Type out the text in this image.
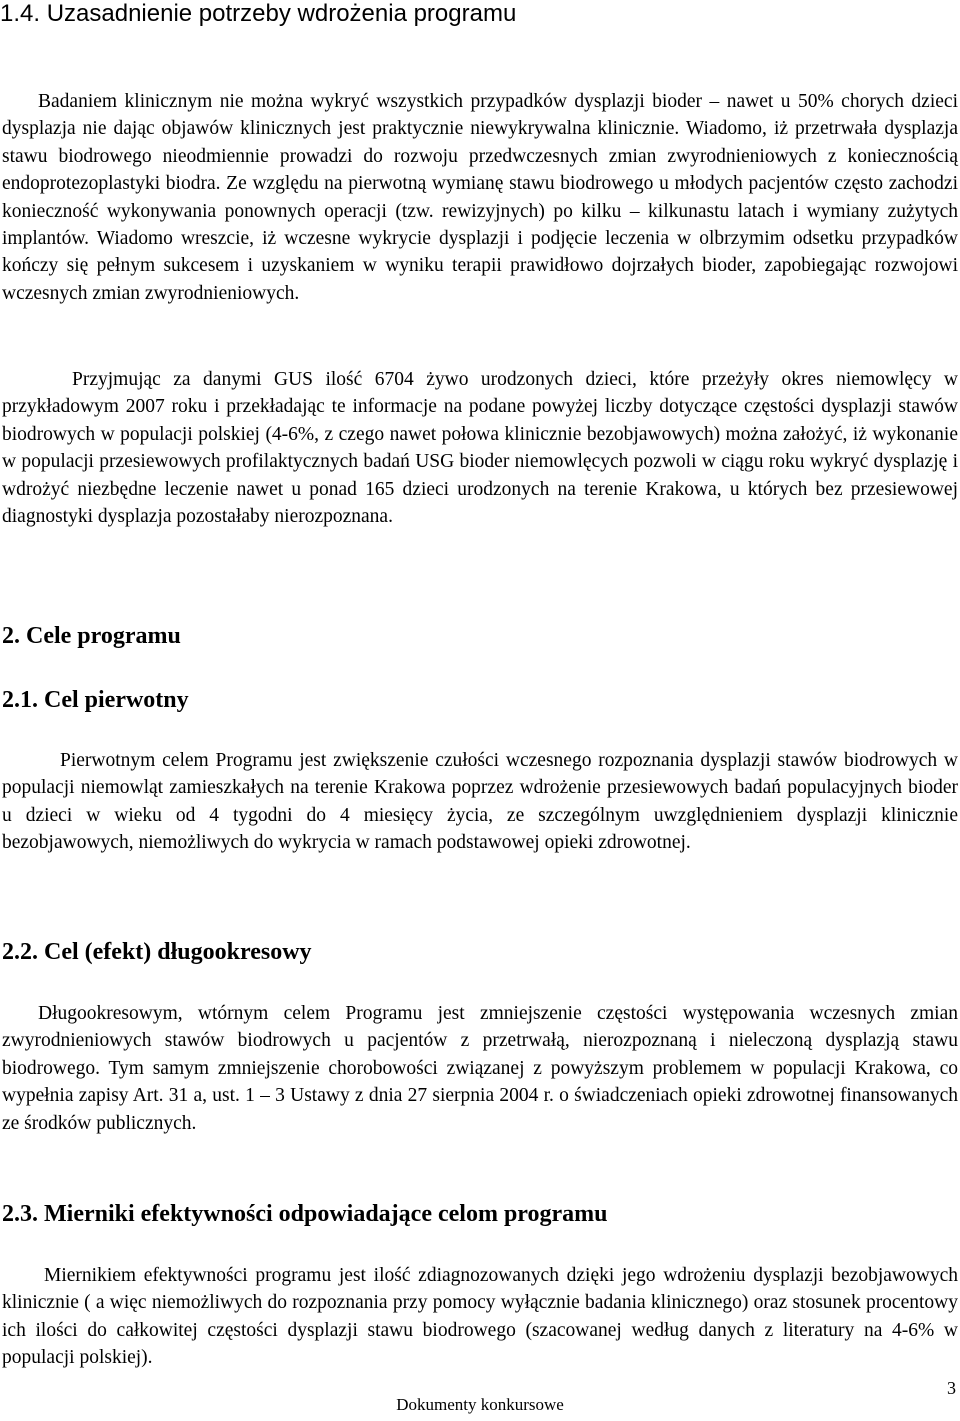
1.4. Uzasadnienie potrzeby wdrożenia programu

Badaniem klinicznym nie można wykryć wszystkich przypadków dysplazji bioder – nawet u 50% chorych dzieci dysplazja nie dając objawów klinicznych jest praktycznie niewykrywalna klinicznie. Wiadomo, iż przetrwała dysplazja stawu biodrowego nieodmiennie prowadzi do rozwoju przedwczesnych zmian zwyrodnieniowych z koniecznością endoprotezoplastyki biodra. Ze względu na pierwotną wymianę stawu biodrowego u młodych pacjentów często zachodzi konieczność wykonywania ponownych operacji (tzw. rewizyjnych) po kilku – kilkunastu latach i wymiany zużytych implantów. Wiadomo wreszcie, iż wczesne wykrycie dysplazji i podjęcie leczenia w olbrzymim odsetku przypadków kończy się pełnym sukcesem i uzyskaniem w wyniku terapii prawidłowo dojrzałych bioder, zapobiegając rozwojowi wczesnych zmian zwyrodnieniowych.

Przyjmując za danymi GUS ilość 6704 żywo urodzonych dzieci, które przeżyły okres niemowlęcy w przykładowym 2007 roku i przekładając te informacje na podane powyżej liczby dotyczące częstości dysplazji stawów biodrowych w populacji polskiej (4-6%, z czego nawet połowa klinicznie bezobjawowych) można założyć, iż wykonanie w populacji przesiewowych profilaktycznych badań USG bioder niemowlęcych pozwoli w ciągu roku wykryć dysplazję i wdrożyć niezbędne leczenie nawet u ponad 165 dzieci urodzonych na terenie Krakowa, u których bez przesiewowej diagnostyki dysplazja pozostałaby nierozpoznana.

2. Cele programu
2.1. Cel pierwotny

Pierwotnym celem Programu jest zwiększenie czułości wczesnego rozpoznania dysplazji stawów biodrowych w populacji niemowląt zamieszkałych na terenie Krakowa poprzez wdrożenie przesiewowych badań populacyjnych bioder u dzieci w wieku od 4 tygodni do 4 miesięcy życia, ze szczególnym uwzględnieniem dysplazji klinicznie bezobjawowych, niemożliwych do wykrycia w ramach podstawowej opieki zdrowotnej.

2.2. Cel (efekt) długookresowy

Długookresowym, wtórnym celem Programu jest zmniejszenie częstości występowania wczesnych zmian zwyrodnieniowych stawów biodrowych u pacjentów z przetrwałą, nierozpoznaną i nieleczoną dysplazją stawu biodrowego. Tym samym zmniejszenie chorobowości związanej z powyższym problemem w populacji Krakowa, co wypełnia zapisy Art. 31 a, ust. 1 – 3 Ustawy z dnia 27 sierpnia 2004 r. o świadczeniach opieki zdrowotnej finansowanych ze środków publicznych.

2.3. Mierniki efektywności odpowiadające celom programu

Miernikiem efektywności programu jest ilość zdiagnozowanych dzięki jego wdrożeniu dysplazji bezobjawowych klinicznie ( a więc niemożliwych do rozpoznania przy pomocy wyłącznie badania klinicznego) oraz stosunek procentowy ich ilości do całkowitej częstości dysplazji stawu biodrowego (szacowanej według danych z literatury na 4-6% w populacji polskiej).

3
Dokumenty konkursowe
